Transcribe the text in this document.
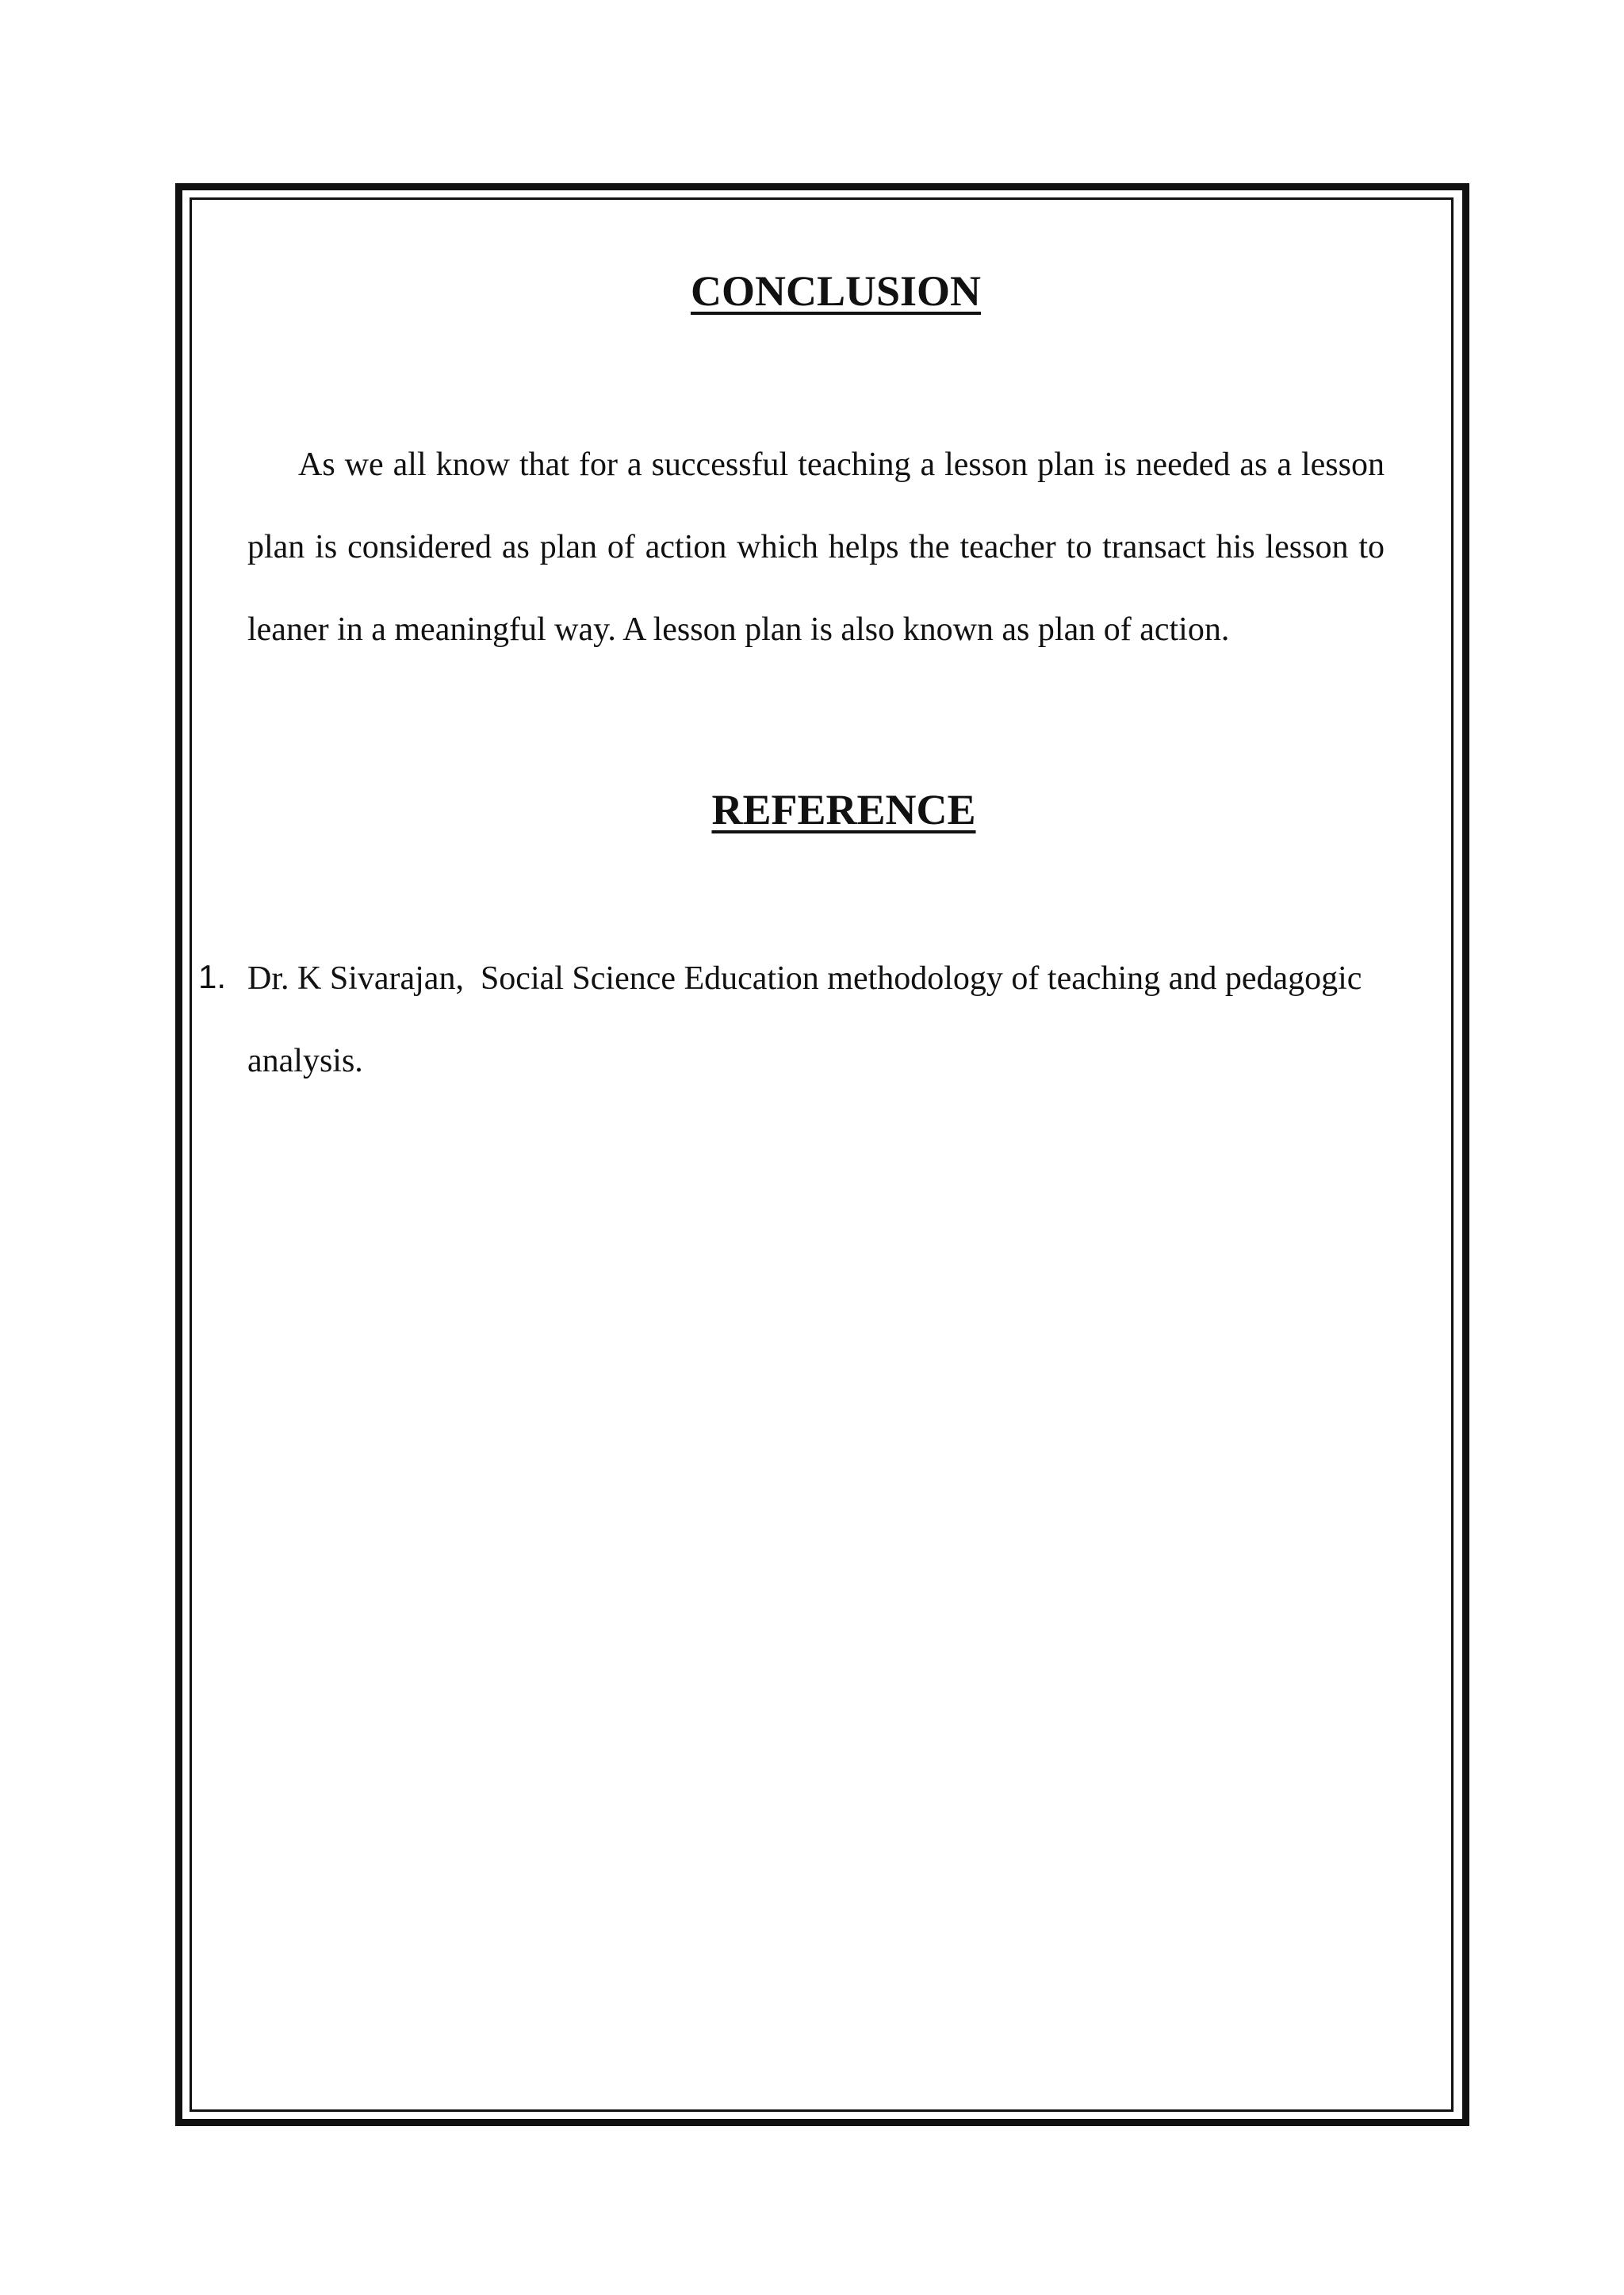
CONCLUSION
As we all know that for a successful teaching a lesson plan is needed as a lesson plan is considered as plan of action which helps the teacher to transact his lesson to leaner in a meaningful way. A lesson plan is also known as plan of action.
REFERENCE
1. Dr. K Sivarajan,  Social Science Education methodology of teaching and pedagogic  analysis.
